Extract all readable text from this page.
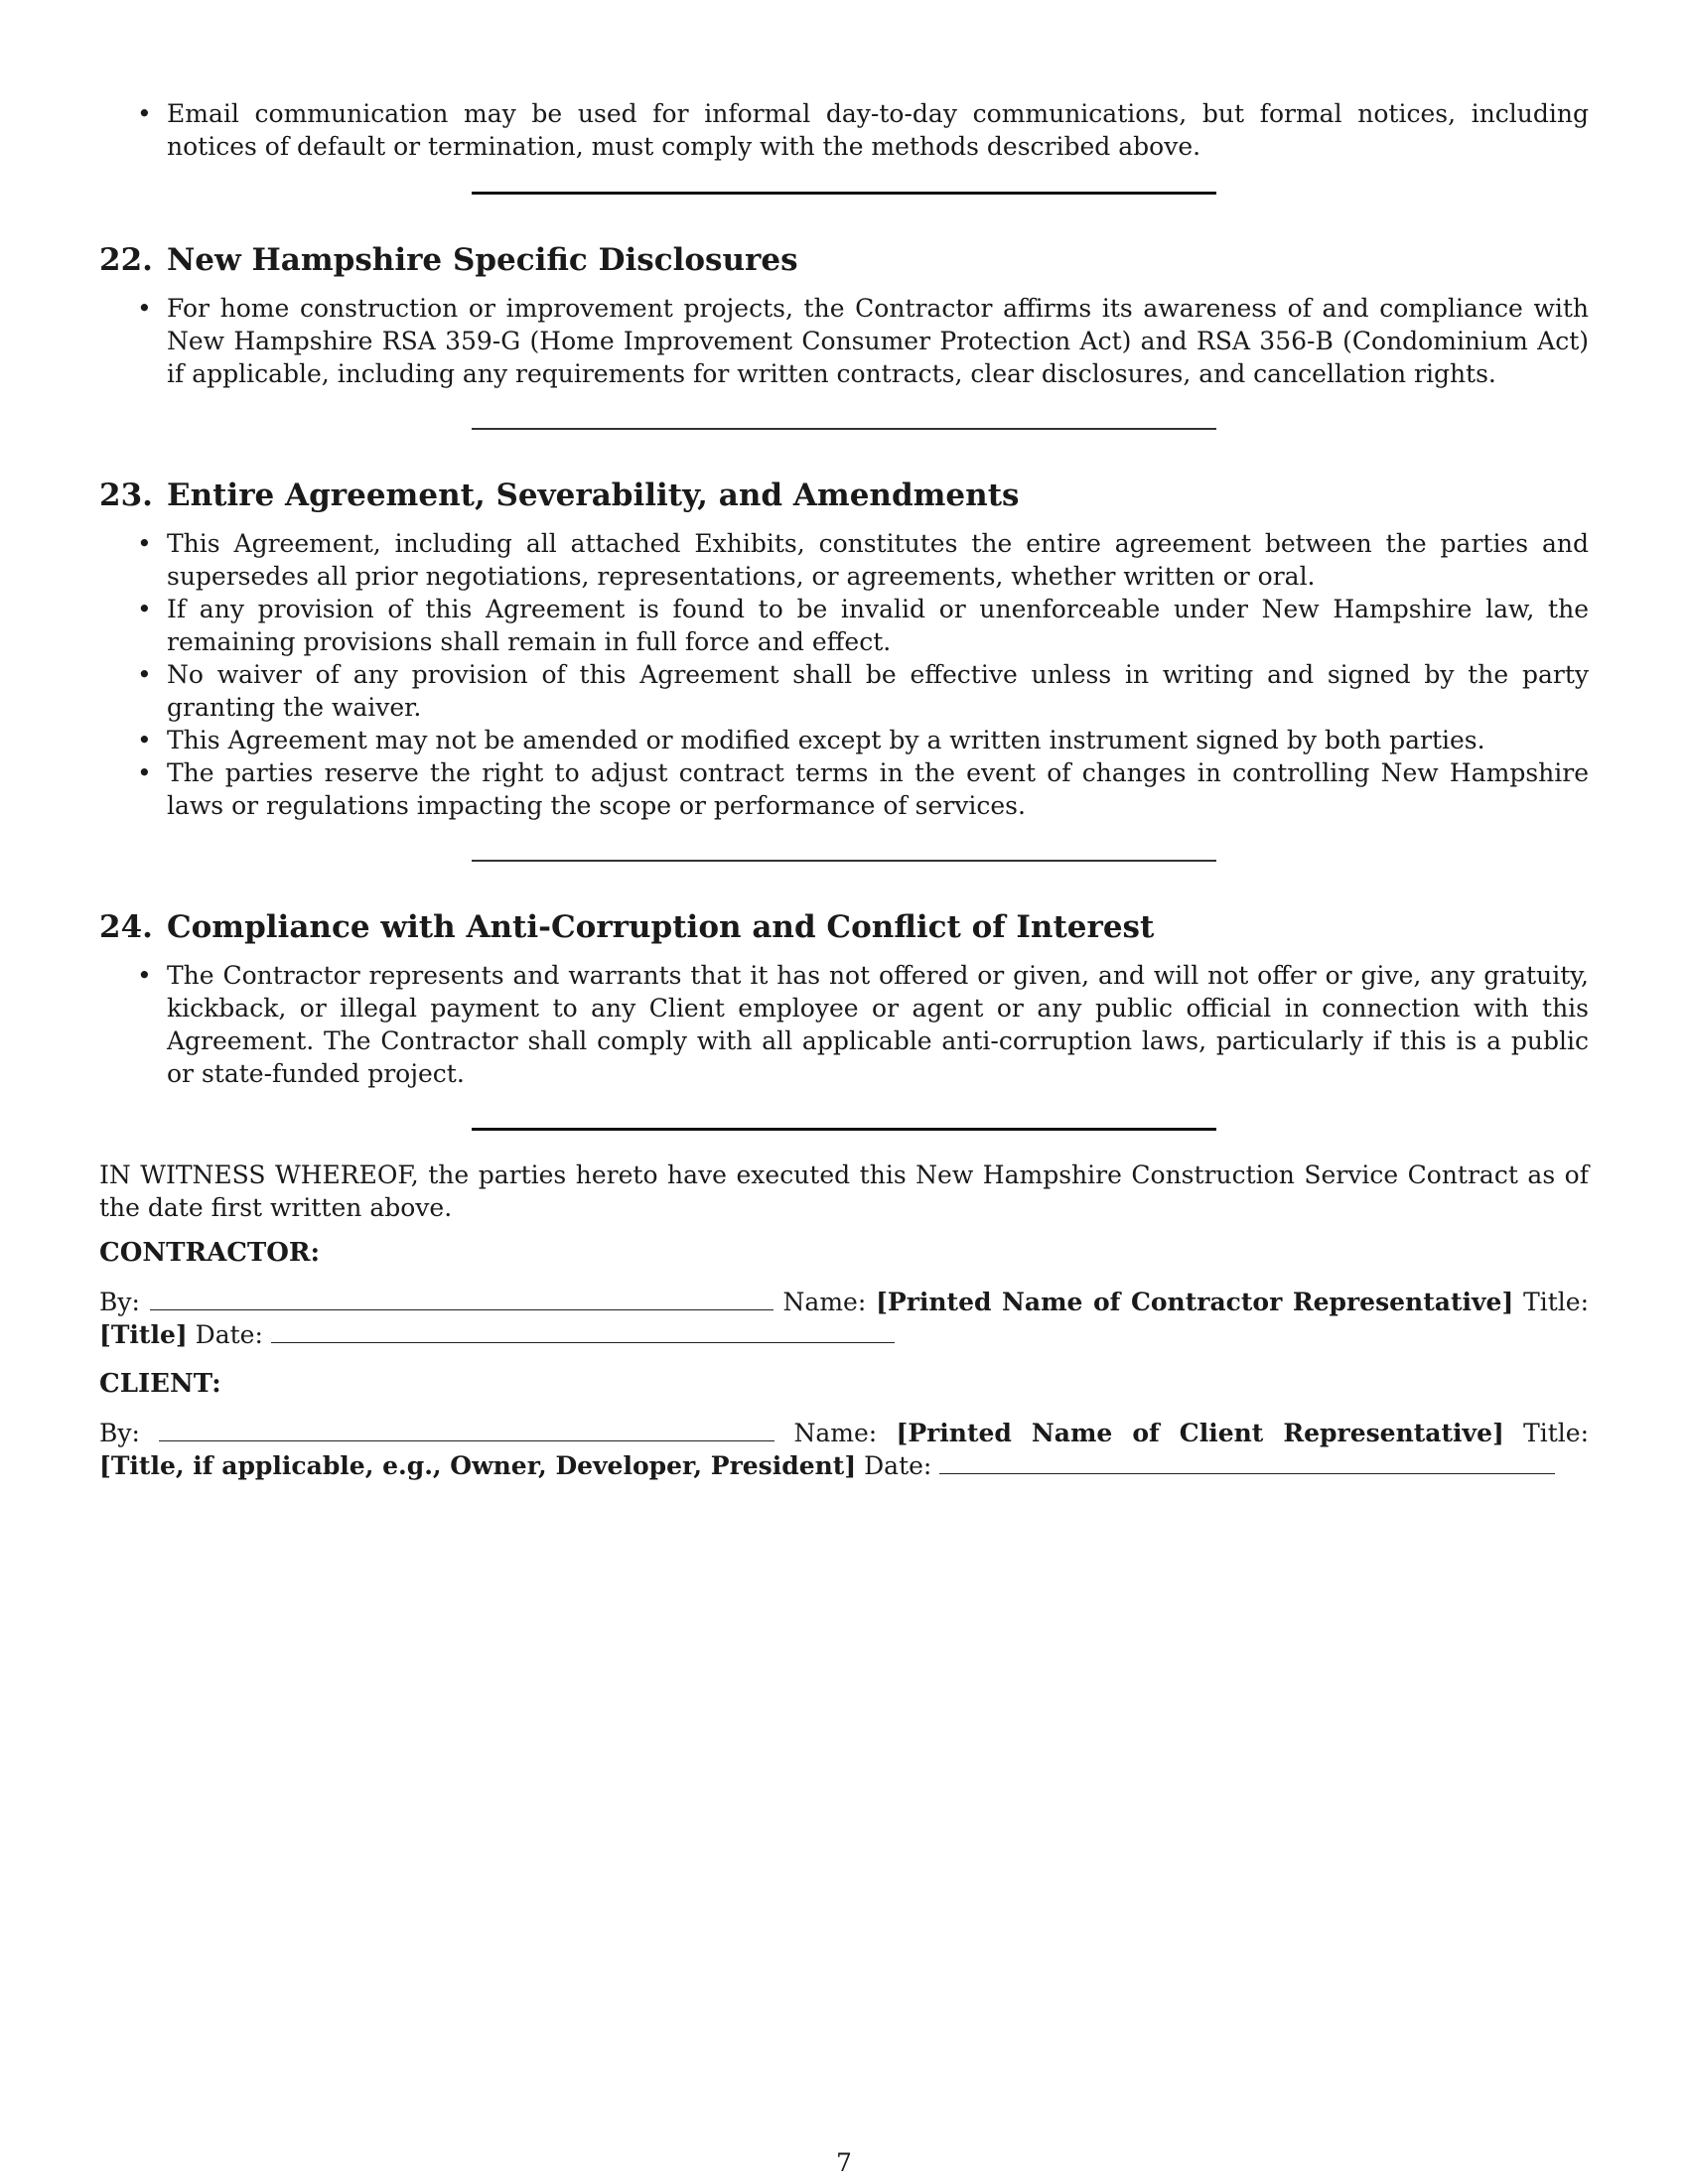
• Email communication may be used for informal day-to-day communications, but formal notices, including notices of default or termination, must comply with the methods described above.
22. New Hampshire Specific Disclosures
• For home construction or improvement projects, the Contractor affirms its awareness of and compliance with New Hampshire RSA 359-G (Home Improvement Consumer Protection Act) and RSA 356-B (Condominium Act) if applicable, including any requirements for written contracts, clear disclosures, and cancellation rights.
23. Entire Agreement, Severability, and Amendments
• This Agreement, including all attached Exhibits, constitutes the entire agreement between the parties and supersedes all prior negotiations, representations, or agreements, whether written or oral.
• If any provision of this Agreement is found to be invalid or unenforceable under New Hampshire law, the remaining provisions shall remain in full force and effect.
• No waiver of any provision of this Agreement shall be effective unless in writing and signed by the party granting the waiver.
• This Agreement may not be amended or modified except by a written instrument signed by both parties.
• The parties reserve the right to adjust contract terms in the event of changes in controlling New Hampshire laws or regulations impacting the scope or performance of services.
24. Compliance with Anti-Corruption and Conflict of Interest
• The Contractor represents and warrants that it has not offered or given, and will not offer or give, any gratuity, kickback, or illegal payment to any Client employee or agent or any public official in connection with this Agreement. The Contractor shall comply with all applicable anti-corruption laws, particularly if this is a public or state-funded project.

IN WITNESS WHEREOF, the parties hereto have executed this New Hampshire Construction Service Contract as of the date first written above.

CONTRACTOR:
By:	Name: [Printed Name of Contractor Representative] Title: [Title] Date:
CLIENT:
By:	Name: [Printed Name of Client Representative] Title: [Title, if applicable, e.g., Owner, Developer, President] Date:
7
